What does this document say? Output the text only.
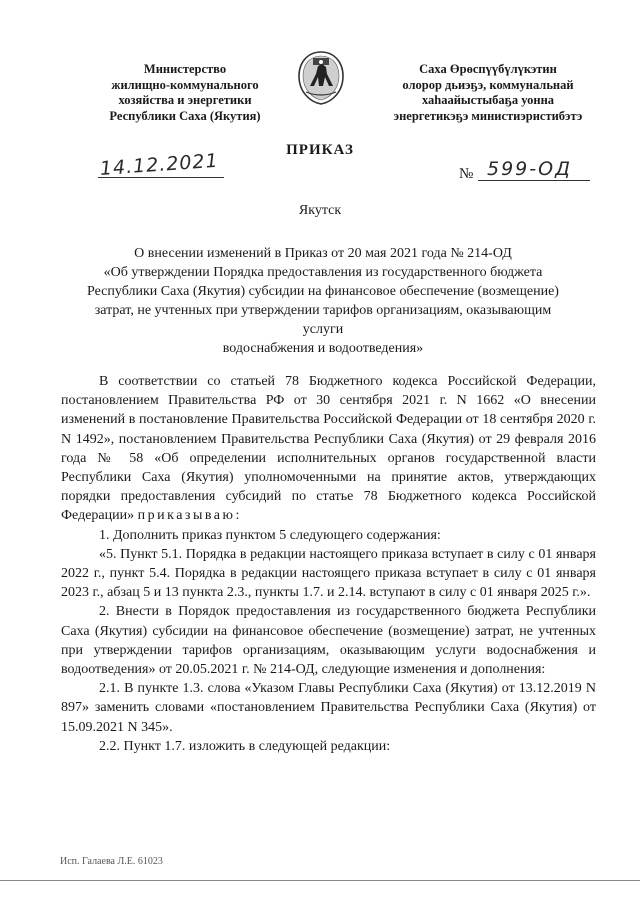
Министерство
жилищно-коммунального
хозяйства и энергетики
Республики Саха (Якутия)
Саха Өрөспүүбүлүкэтин
олорор дьиэҕэ, коммунальнай
хаһаайыстыбаҕа уонна
энергетикэҕэ министиэристибэтэ
ПРИКАЗ
14.12.2021	№ 599-ОД
Якутск
О внесении изменений в Приказ от 20 мая 2021 года № 214-ОД
«Об утверждении Порядка предоставления из государственного бюджета
Республики Саха (Якутия) субсидии на финансовое обеспечение (возмещение)
затрат, не учтенных при утверждении тарифов организациям, оказывающим услуги
водоснабжения и водоотведения»

В соответствии со статьей 78 Бюджетного кодекса Российской Федерации, постановлением Правительства РФ от 30 сентября 2021 г. N 1662 «О внесении изменений в постановление Правительства Российской Федерации от 18 сентября 2020 г. N 1492», постановлением Правительства Республики Саха (Якутия) от 29 февраля 2016 года № 58 «Об определении исполнительных органов государственной власти Республики Саха (Якутия) уполномоченными на принятие актов, утверждающих порядки предоставления субсидий по статье 78 Бюджетного кодекса Российской Федерации» приказываю:

1. Дополнить приказ пунктом 5 следующего содержания:

«5. Пункт 5.1. Порядка в редакции настоящего приказа вступает в силу с 01 января 2022 г., пункт 5.4. Порядка в редакции настоящего приказа вступает в силу с 01 января 2023 г., абзац 5 и 13 пункта 2.3., пункты 1.7. и 2.14. вступают в силу с 01 января 2025 г.».

2. Внести в Порядок предоставления из государственного бюджета Республики Саха (Якутия) субсидии на финансовое обеспечение (возмещение) затрат, не учтенных при утверждении тарифов организациям, оказывающим услуги водоснабжения и водоотведения» от 20.05.2021 г. № 214-ОД, следующие изменения и дополнения:

2.1. В пункте 1.3. слова «Указом Главы Республики Саха (Якутия) от 13.12.2019 N 897» заменить словами «постановлением Правительства Республики Саха (Якутия) от 15.09.2021 N 345».

2.2. Пункт 1.7. изложить в следующей редакции:

Исп. Галаева Л.Е. 61023
